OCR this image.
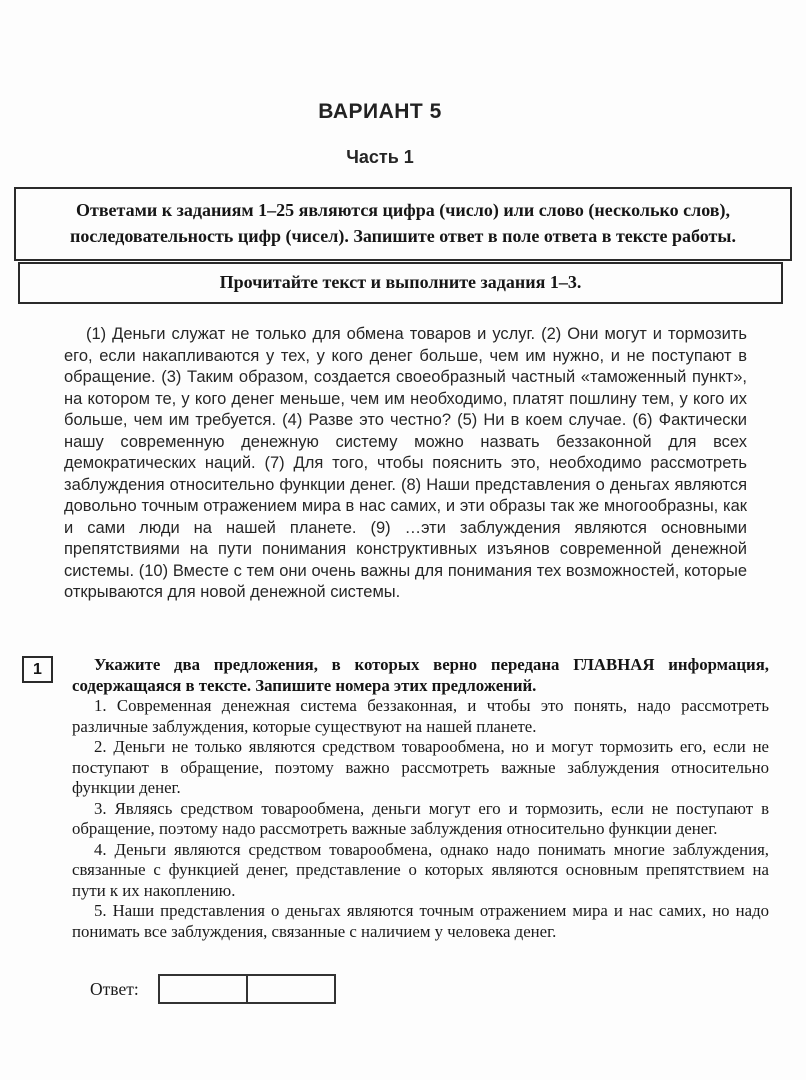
ВАРИАНТ 5
Часть 1
Ответами к заданиям 1–25 являются цифра (число) или слово (несколько слов), последовательность цифр (чисел). Запишите ответ в поле ответа в тексте работы.
Прочитайте текст и выполните задания 1–3.

(1) Деньги служат не только для обмена товаров и услуг. (2) Они могут и тормозить его, если накапливаются у тех, у кого денег больше, чем им нужно, и не поступают в обращение. (3) Таким образом, создается своеобразный частный «таможенный пункт», на котором те, у кого денег меньше, чем им необходимо, платят пошлину тем, у кого их больше, чем им требуется. (4) Разве это честно? (5) Ни в коем случае. (6) Фактически нашу современную денежную систему можно назвать беззаконной для всех демократических наций. (7) Для того, чтобы пояснить это, необходимо рассмотреть заблуждения относительно функции денег. (8) Наши представления о деньгах являются довольно точным отражением мира в нас самих, и эти образы так же многообразны, как и сами люди на нашей планете. (9) …эти заблуждения являются основными препятствиями на пути понимания конструктивных изъянов современной денежной системы. (10) Вместе с тем они очень важны для понимания тех возможностей, которые открываются для новой денежной системы.

1	Укажите два предложения, в которых верно передана ГЛАВНАЯ информация, содержащаяся в тексте. Запишите номера этих предложений.

1. Современная денежная система беззаконная, и чтобы это понять, надо рассмотреть различные заблуждения, которые существуют на нашей планете.

2. Деньги не только являются средством товарообмена, но и могут тормозить его, если не поступают в обращение, поэтому важно рассмотреть важные заблуждения относительно функции денег.

3. Являясь средством товарообмена, деньги могут его и тормозить, если не поступают в обращение, поэтому надо рассмотреть важные заблуждения относительно функции денег.

4. Деньги являются средством товарообмена, однако надо понимать многие заблуждения, связанные с функцией денег, представление о которых являются основным препятствием на пути к их накоплению.

5. Наши представления о деньгах являются точным отражением мира и нас самих, но надо понимать все заблуждения, связанные с наличием у человека денег.

Ответ:
